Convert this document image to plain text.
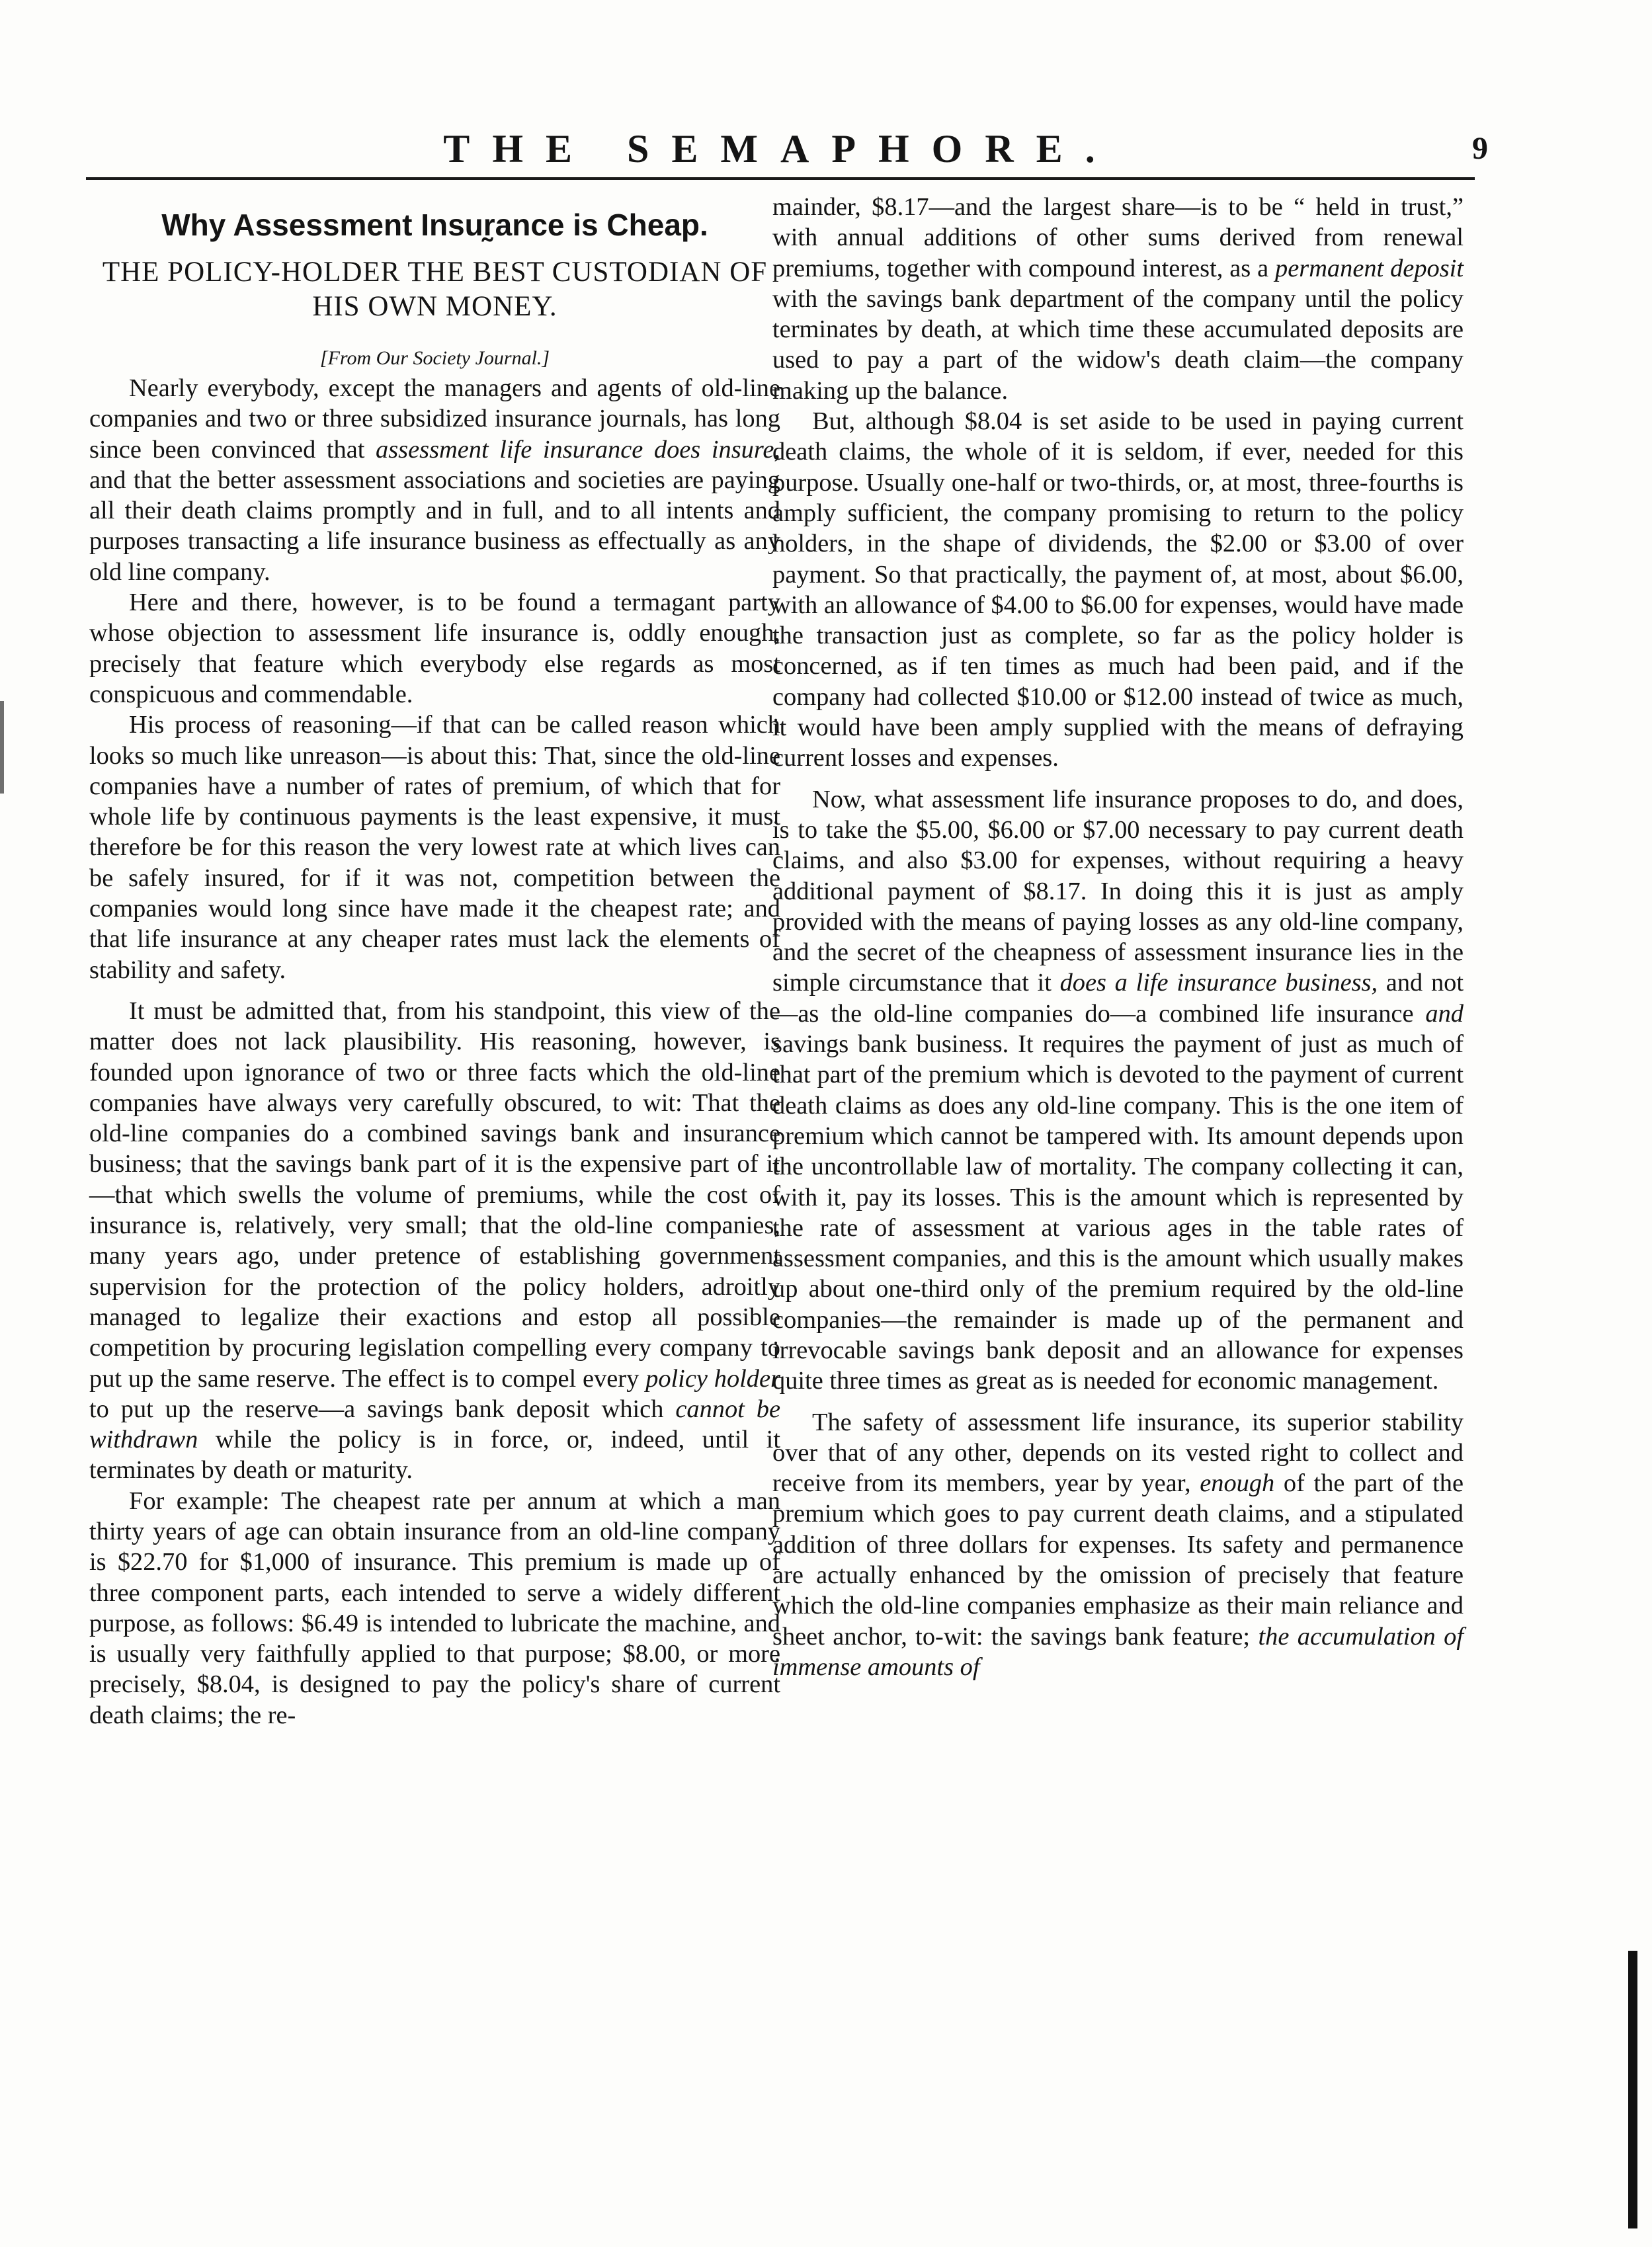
THE SEMAPHORE.	9
Why Assessment Insur̰ance is Cheap.
THE POLICY-HOLDER THE BEST CUSTODIAN OF HIS OWN MONEY.
[From Our Society Journal.]

Nearly everybody, except the managers and agents of old-line companies and two or three subsidized insurance journals, has long since been convinced that assessment life insurance does insure, and that the better assessment associations and societies are paying all their death claims promptly and in full, and to all intents and purposes transacting a life insurance business as effectually as any old line company.

Here and there, however, is to be found a termagant party whose objection to assessment life insurance is, oddly enough, precisely that feature which everybody else regards as most conspicuous and commendable.

His process of reasoning—if that can be called reason which looks so much like unreason—is about this: That, since the old-line companies have a number of rates of premium, of which that for whole life by continuous payments is the least expensive, it must therefore be for this reason the very lowest rate at which lives can be safely insured, for if it was not, competition between the companies would long since have made it the cheapest rate; and that life insurance at any cheaper rates must lack the elements of stability and safety.

It must be admitted that, from his standpoint, this view of the matter does not lack plausibility. His reasoning, however, is founded upon ignorance of two or three facts which the old-line companies have always very carefully obscured, to wit: That the old-line companies do a combined savings bank and insurance business; that the savings bank part of it is the expensive part of it—that which swells the volume of premiums, while the cost of insurance is, relatively, very small; that the old-line companies, many years ago, under pretence of establishing government supervision for the protection of the policy holders, adroitly managed to legalize their exactions and estop all possible competition by procuring legislation compelling every company to put up the same reserve. The effect is to compel every policy holder to put up the reserve—a savings bank deposit which cannot be withdrawn while the policy is in force, or, indeed, until it terminates by death or maturity.

For example: The cheapest rate per annum at which a man thirty years of age can obtain insurance from an old-line company is $22.70 for $1,000 of insurance. This premium is made up of three component parts, each intended to serve a widely different purpose, as follows: $6.49 is intended to lubricate the machine, and is usually very faithfully applied to that purpose; $8.00, or more precisely, $8.04, is designed to pay the policy's share of current death claims; the re-

mainder, $8.17—and the largest share—is to be “ held in trust,” with annual additions of other sums derived from renewal premiums, together with compound interest, as a permanent deposit with the savings bank department of the company until the policy terminates by death, at which time these accumulated deposits are used to pay a part of the widow's death claim—the company making up the balance.

But, although $8.04 is set aside to be used in paying current death claims, the whole of it is seldom, if ever, needed for this purpose. Usually one-half or two-thirds, or, at most, three-fourths is amply sufficient, the company promising to return to the policy holders, in the shape of dividends, the $2.00 or $3.00 of over payment. So that practically, the payment of, at most, about $6.00, with an allowance of $4.00 to $6.00 for expenses, would have made the transaction just as complete, so far as the policy holder is concerned, as if ten times as much had been paid, and if the company had collected $10.00 or $12.00 instead of twice as much, it would have been amply supplied with the means of defraying current losses and expenses.

Now, what assessment life insurance proposes to do, and does, is to take the $5.00, $6.00 or $7.00 necessary to pay current death claims, and also $3.00 for expenses, without requiring a heavy additional payment of $8.17. In doing this it is just as amply provided with the means of paying losses as any old-line company, and the secret of the cheapness of assessment insurance lies in the simple circumstance that it does a life insurance business, and not—as the old-line companies do—a combined life insurance and savings bank business. It requires the payment of just as much of that part of the premium which is devoted to the payment of current death claims as does any old-line company. This is the one item of premium which cannot be tampered with. Its amount depends upon the uncontrollable law of mortality. The company collecting it can, with it, pay its losses. This is the amount which is represented by the rate of assessment at various ages in the table rates of assessment companies, and this is the amount which usually makes up about one-third only of the premium required by the old-line companies—the remainder is made up of the permanent and irrevocable savings bank deposit and an allowance for expenses quite three times as great as is needed for economic management.

The safety of assessment life insurance, its superior stability over that of any other, depends on its vested right to collect and receive from its members, year by year, enough of the part of the premium which goes to pay current death claims, and a stipulated addition of three dollars for expenses. Its safety and permanence are actually enhanced by the omission of precisely that feature which the old-line companies emphasize as their main reliance and sheet anchor, to-wit: the savings bank feature; the accumulation of immense amounts of
